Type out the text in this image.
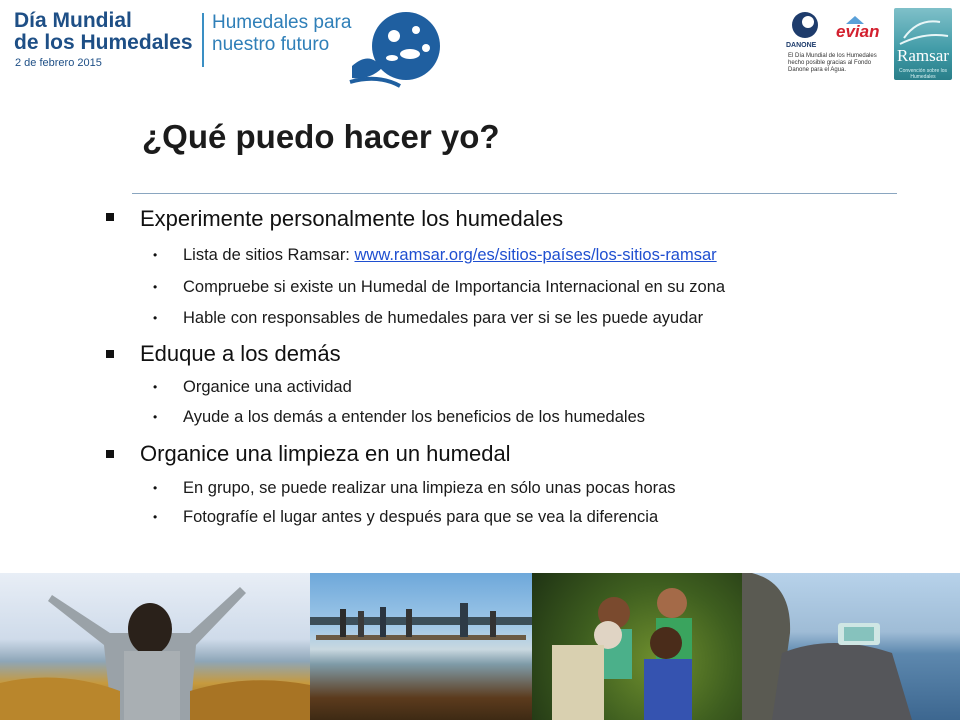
Día Mundial
de los Humedales
2 de febrero 2015
Humedales para
nuestro futuro	DANONE
evian
El Día Mundial de los Humedales hecho posible gracias al Fondo Danone para el Agua.
Ramsar
Convención sobre los Humedales
¿Qué puedo hacer yo?
Experimente personalmente los humedales
• Lista de sitios Ramsar: www.ramsar.org/es/sitios-países/los-sitios-ramsar
• Compruebe si existe un Humedal de Importancia Internacional en su zona
• Hable con responsables de humedales para ver si se les puede ayudar
Eduque a los demás
• Organice una actividad
• Ayude a los demás a entender los beneficios de los humedales
Organice una limpieza en un humedal
• En grupo, se puede realizar una limpieza en sólo unas pocas horas
• Fotografíe el lugar antes y después para que se vea la diferencia
